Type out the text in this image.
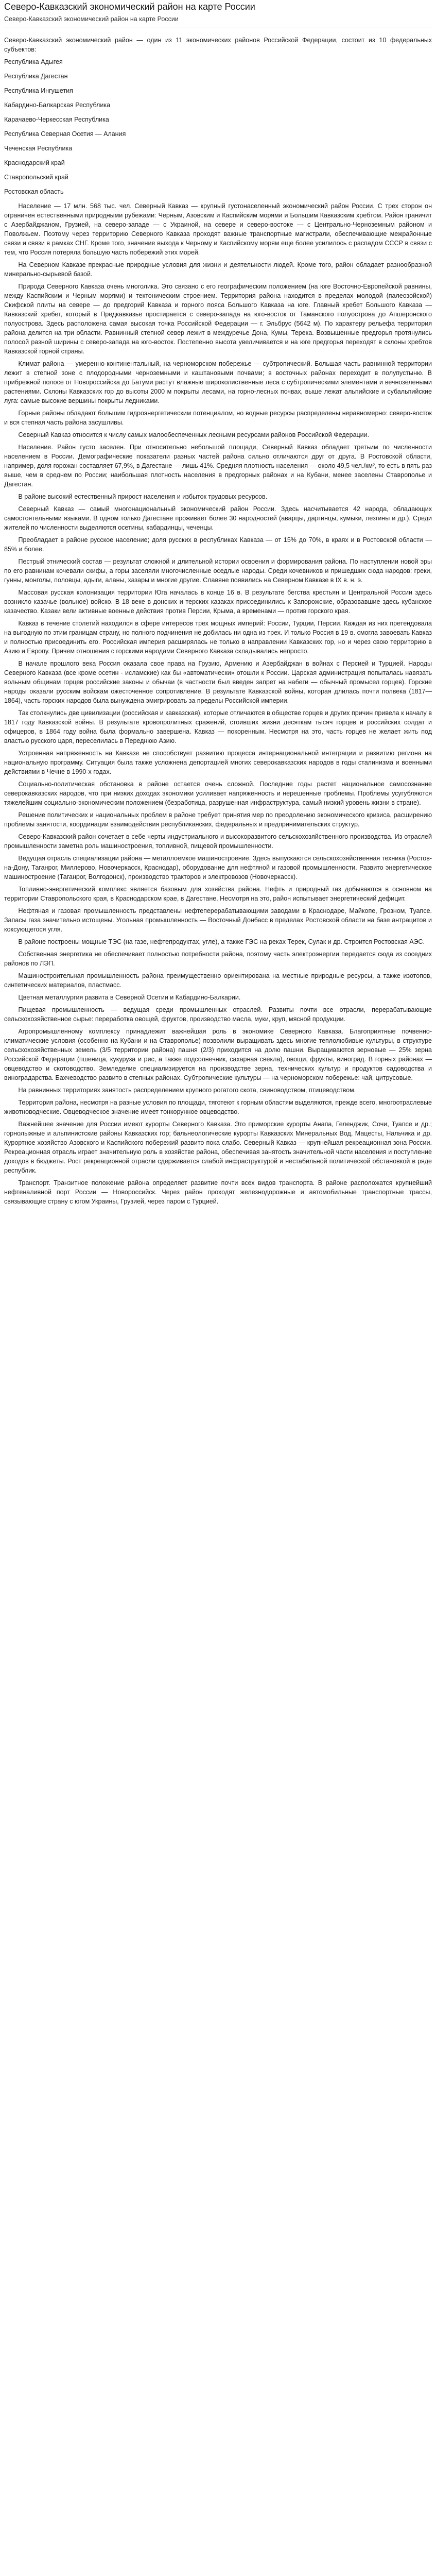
Северо-Кавказский экономический район на карте России

Северо-Кавказский экономический район на карте России

Северо-Кавказский экономический район — один из 11 экономических районов Российской Федерации, состоит из 10 федеральных субъектов:

Республика Адыгея

Республика Дагестан

Республика Ингушетия

Кабардино-Балкарская Республика

Карачаево-Черкесская Республика

Республика Северная Осетия — Алания

Чеченская Республика

Краснодарский край

Ставропольский край

Ростовская область

Население — 17 млн. 568 тыс. чел. Северный Кавказ — крупный густонаселенный экономический район России. С трех сторон он ограничен естественными природными рубежами: Черным, Азовским и Каспийским морями и Большим Кавказским хребтом. Район граничит с Азербайджаном, Грузией, на северо-западе — с Украиной, на севере и северо-востоке — с Центрально-Черноземным районом и Поволжьем. Поэтому через территорию Северного Кавказа проходят важные транспортные магистрали, обеспечивающие межрайонные связи и связи в рамках СНГ. Кроме того, значение выхода к Черному и Каспийскому морям еще более усилилось с распадом СССР в связи с тем, что Россия потеряла большую часть побережий этих морей.

На Северном Кавказе прекрасные природные условия для жизни и деятельности людей. Кроме того, район обладает разнообразной минерально-сырьевой базой.

Природа Северного Кавказа очень многолика. Это связано с его географическим положением (на юге Восточно-Европейской равнины, между Каспийским и Черным морями) и тектоническим строением. Территория района находится в пределах молодой (палеозойской) Скифской плиты на севере — до предгорий Кавказа и горного пояса Большого Кавказа на юге. Главный хребет Большого Кавказа — Кавказский хребет, который в Предкавказье простирается с северо-запада на юго-восток от Таманского полуострова до Апшеронского полуострова. Здесь расположена самая высокая точка Российской Федерации — г. Эльбрус (5642 м). По характеру рельефа территория района делится на три области. Равнинный степной север лежит в междуречье Дона, Кумы, Терека. Возвышенные предгорья протянулись полосой разной ширины с северо-запада на юго-восток. Постепенно высота увеличивается и на юге предгорья переходят в склоны хребтов Кавказской горной страны.

Климат района — умеренно-континентальный, на черноморском побережье — субтропический. Большая часть равнинной территории лежит в степной зоне с плодородными черноземными и каштановыми почвами; в восточных районах переходит в полупустыню. В прибрежной полосе от Новороссийска до Батуми растут влажные широколиственные леса с субтропическими элементами и вечнозелеными растениями. Склоны Кавказских гор до высоты 2000 м покрыты лесами, на горно-лесных почвах, выше лежат альпийские и субальпийские луга: самые высокие вершины покрыты ледниками.

Горные районы обладают большим гидроэнергетическим потенциалом, но водные ресурсы распределены неравномерно: северо-восток и вся степная часть района засушливы.

Северный Кавказ относится к числу самых малообеспеченных лесными ресурсами районов Российской Федерации.

Население. Район густо заселен. При относительно небольшой площади, Северный Кавказ обладает третьим по численности населением в России. Демографические показатели разных частей района сильно отличаются друг от друга. В Ростовской области, например, доля горожан составляет 67,9%, в Дагестане — лишь 41%. Средняя плотность населения — около 49,5 чел./км², то есть в пять раз выше, чем в среднем по России; наибольшая плотность населения в предгорных районах и на Кубани, менее заселены Ставрополье и Дагестан.

В районе высокий естественный прирост населения и избыток трудовых ресурсов.

Северный Кавказ — самый многонациональный экономический район России. Здесь насчитывается 42 народа, обладающих самостоятельными языками. В одном только Дагестане проживает более 30 народностей (аварцы, даргинцы, кумыки, лезгины и др.). Среди жителей по численности выделяются осетины, кабардинцы, чеченцы.

Преобладает в районе русское население; доля русских в республиках Кавказа — от 15% до 70%, в краях и в Ростовской области — 85% и более.

Пестрый этнический состав — результат сложной и длительной истории освоения и формирования района. По наступлении новой эры по его равнинам кочевали скифы, а горы заселяли многочисленные оседлые народы. Среди кочевников и пришедших сюда народов: греки, гунны, монголы, половцы, адыги, аланы, хазары и многие другие. Славяне появились на Северном Кавказе в IX в. н. э.

Массовая русская колонизация территории Юга началась в конце 16 в. В результате бегства крестьян и Центральной России здесь возникло казачье (вольное) войско. В 18 веке в донских и терских казаках присоединились к Запорожские, образовавшие здесь кубанское казачество. Казаки вели активные военные действия против Персии, Крыма, а временами — против горского края.

Кавказ в течение столетий находился в сфере интересов трех мощных империй: России, Турции, Персии. Каждая из них претендовала на выгодную по этим границам страну, но полного подчинения не добилась ни одна из трех. И только Россия в 19 в. смогла завоевать Кавказ и полностью присоединить его. Российская империя расширялась не только в направлении Кавказских гор, но и через свою территорию в Азию и Европу. Причем отношения с горскими народами Северного Кавказа складывались непросто.

В начале прошлого века Россия оказала свое права на Грузию, Армению и Азербайджан в войнах с Персией и Турцией. Народы Северного Кавказа (все кроме осетин - исламские) как бы «автоматически» отошли к России. Царская администрация попыталась навязать вольным общинам горцев российские законы и обычаи (в частности был введен запрет на набеги — обычный промысел горцев). Горские народы оказали русским войскам ожесточенное сопротивление. В результате Кавказской войны, которая длилась почти полвека (1817—1864), часть горских народов была вынуждена эмигрировать за пределы Российской империи.

Так столкнулись две цивилизации (российская и кавказская), которые отличаются в обществе горцев и других причин привела к началу в 1817 году Кавказской войны. В результате кровопролитных сражений, стоивших жизни десяткам тысяч горцев и российских солдат и офицеров, в 1864 году война была формально завершена. Кавказ — покоренным. Несмотря на это, часть горцев не желает жить под властью русского царя, переселилась в Переднюю Азию.

Устроенная напряженность на Кавказе не способствует развитию процесса интернациональной интеграции и развитию региона на национальную программу. Ситуация была также усложнена депортацией многих северокавказских народов в годы сталинизма и военными действиями в Чечне в 1990-х годах.

Социально-политическая обстановка в районе остается очень сложной. Последние годы растет национальное самосознание северокавказских народов, что при низких доходах экономики усиливает напряженность и нерешенные проблемы. Проблемы усугубляются тяжелейшим социально-экономическим положением (безработица, разрушенная инфраструктура, самый низкий уровень жизни в стране).

Решение политических и национальных проблем в районе требует принятия мер по преодолению экономического кризиса, расширению проблемы занятости, координации взаимодействия республиканских, федеральных и предпринимательских структур.

Северо-Кавказский район сочетает в себе черты индустриального и высокоразвитого сельскохозяйственного производства. Из отраслей промышленности заметна роль машиностроения, топливной, пищевой промышленности.

Ведущая отрасль специализации района — металлоемкое машиностроение. Здесь выпускаются сельскохозяйственная техника (Ростов-на-Дону, Таганрог, Миллерово, Новочеркасск, Краснодар), оборудование для нефтяной и газовой промышленности. Развито энергетическое машиностроение (Таганрог, Волгодонск), производство тракторов и электровозов (Новочеркасск).

Топливно-энергетический комплекс является базовым для хозяйства района. Нефть и природный газ добываются в основном на территории Ставропольского края, в Краснодарском крае, в Дагестане. Несмотря на это, район испытывает энергетический дефицит.

Нефтяная и газовая промышленность представлены нефтеперерабатывающими заводами в Краснодаре, Майкопе, Грозном, Туапсе. Запасы газа значительно истощены. Угольная промышленность — Восточный Донбасс в пределах Ростовской области на базе антрацитов и коксующегося угля.

В районе построены мощные ТЭС (на газе, нефтепродуктах, угле), а также ГЭС на реках Терек, Сулак и др. Строится Ростовская АЭС.

Собственная энергетика не обеспечивает полностью потребности района, поэтому часть электроэнергии передается сюда из соседних районов по ЛЭП.

Машиностроительная промышленность района преимущественно ориентирована на местные природные ресурсы, а также изотопов, синтетических материалов, пластмасс.

Цветная металлургия развита в Северной Осетии и Кабардино-Балкарии.

Пищевая промышленность — ведущая среди промышленных отраслей. Развиты почти все отрасли, перерабатывающие сельскохозяйственное сырье: переработка овощей, фруктов, производство масла, муки, круп, мясной продукции.

Агропромышленному комплексу принадлежит важнейшая роль в экономике Северного Кавказа. Благоприятные почвенно-климатические условия (особенно на Кубани и на Ставрополье) позволили выращивать здесь многие теплолюбивые культуры, в структуре сельскохозяйственных земель (3/5 территории района) пашня (2/3) приходится на долю пашни. Выращиваются зерновые — 25% зерна Российской Федерации (пшеница, кукуруза и рис, а также подсолнечник, сахарная свекла), овощи, фрукты, виноград. В горных районах — овцеводство и скотоводство. Земледелие специализируется на производстве зерна, технических культур и продуктов садоводства и виноградарства. Бахчеводство развито в степных районах. Субтропические культуры — на черноморском побережье: чай, цитрусовые.

На равнинных территориях занятость распределением крупного рогатого скота, свиноводством, птицеводством.

Территория района, несмотря на разные условия по площади, тяготеют к горным областям выделяются, прежде всего, многоотраслевые животноводческие. Овцеводческое значение имеет тонкорунное овцеводство.

Важнейшее значение для России имеют курорты Северного Кавказа. Это приморские курорты Анапа, Геленджик, Сочи, Туапсе и др.; горнолыжные и альпинистские районы Кавказских гор; бальнеологические курорты Кавказских Минеральных Вод, Мацесты, Нальчика и др. Курортное хозяйство Азовского и Каспийского побережий развито пока слабо. Северный Кавказ — крупнейшая рекреационная зона России. Рекреационная отрасль играет значительную роль в хозяйстве района, обеспечивая занятость значительной части населения и поступление доходов в бюджеты. Рост рекреационной отрасли сдерживается слабой инфраструктурой и нестабильной политической обстановкой в ряде республик.

Транспорт. Транзитное положение района определяет развитие почти всех видов транспорта. В районе расположатся крупнейший нефтеналивной порт России — Новороссийск. Через район проходят железнодорожные и автомобильные транспортные трассы, связывающие страну с югом Украины, Грузией, через паром с Турцией.
